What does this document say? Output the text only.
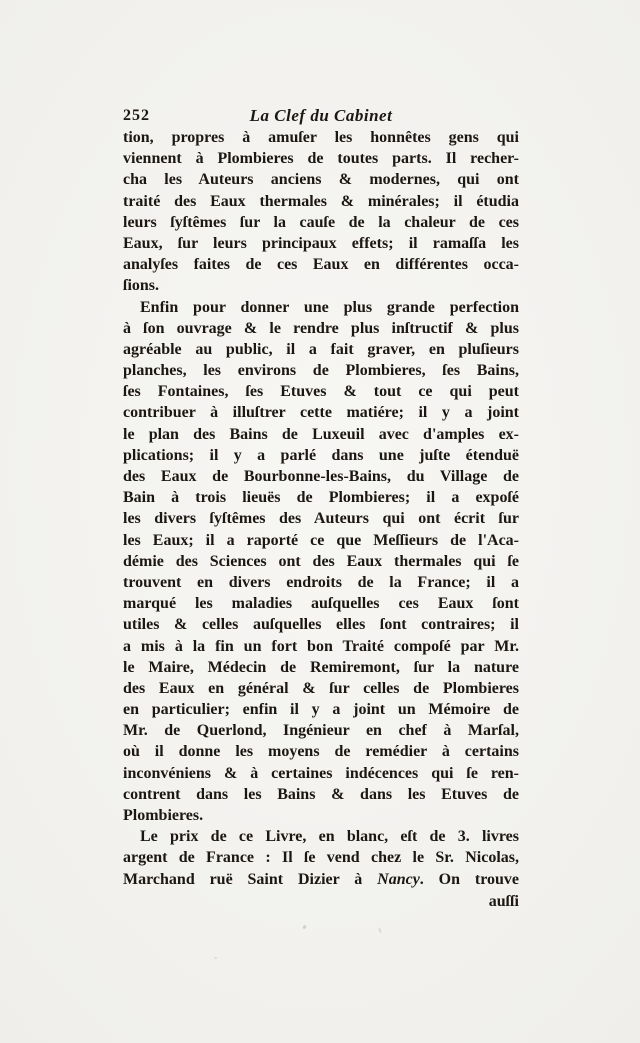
252	La Clef du Cabinet
tion, propres à amuſer les honnêtes gens qui
viennent à Plombieres de toutes parts. Il recher-
cha les Auteurs anciens & modernes, qui ont
traité des Eaux thermales & minérales; il étudia
leurs ſyſtêmes ſur la cauſe de la chaleur de ces
Eaux, ſur leurs principaux effets; il ramaſſa les
analyſes faites de ces Eaux en différentes occa-
ſions.
Enfin pour donner une plus grande perfection
à ſon ouvrage & le rendre plus inſtructif & plus
agréable au public, il a fait graver, en pluſieurs
planches, les environs de Plombieres, ſes Bains,
ſes Fontaines, ſes Etuves & tout ce qui peut
contribuer à illuſtrer cette matiére; il y a joint
le plan des Bains de Luxeuil avec d'amples ex-
plications; il y a parlé dans une juſte étenduë
des Eaux de Bourbonne-les-Bains, du Village de
Bain à trois lieuës de Plombieres; il a expoſé
les divers ſyſtêmes des Auteurs qui ont écrit ſur
les Eaux; il a raporté ce que Meſſieurs de l'Aca-
démie des Sciences ont des Eaux thermales qui ſe
trouvent en divers endroits de la France; il a
marqué les maladies auſquelles ces Eaux ſont
utiles & celles auſquelles elles ſont contraires; il
a mis à la fin un fort bon Traité compoſé par Mr.
le Maire, Médecin de Remiremont, ſur la nature
des Eaux en général & ſur celles de Plombieres
en particulier; enfin il y a joint un Mémoire de
Mr. de Querlond, Ingénieur en chef à Marſal,
où il donne les moyens de remédier à certains
inconvéniens & à certaines indécences qui ſe ren-
contrent dans les Bains & dans les Etuves de
Plombieres.
Le prix de ce Livre, en blanc, eſt de 3. livres
argent de France : Il ſe vend chez le Sr. Nicolas,
Marchand ruë Saint Dizier à Nancy. On trouve
auſſi
